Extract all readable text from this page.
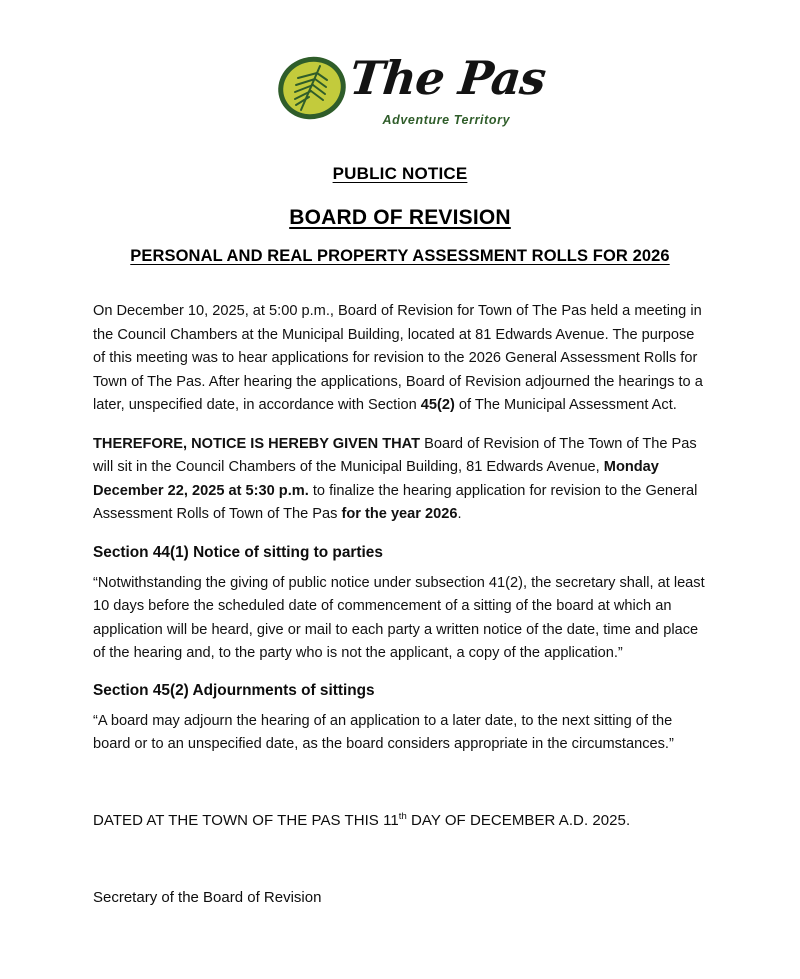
The Pas
Adventure Territory
PUBLIC NOTICE
BOARD OF REVISION
PERSONAL AND REAL PROPERTY ASSESSMENT ROLLS FOR 2026

On December 10, 2025, at 5:00 p.m., Board of Revision for Town of The Pas held a meeting in the Council Chambers at the Municipal Building, located at 81 Edwards Avenue. The purpose of this meeting was to hear applications for revision to the 2026 General Assessment Rolls for Town of The Pas. After hearing the applications, Board of Revision adjourned the hearings to a later, unspecified date, in accordance with Section 45(2) of The Municipal Assessment Act.

THEREFORE, NOTICE IS HEREBY GIVEN THAT Board of Revision of The Town of The Pas will sit in the Council Chambers of the Municipal Building, 81 Edwards Avenue, Monday December 22, 2025 at 5:30 p.m. to finalize the hearing application for revision to the General Assessment Rolls of Town of The Pas for the year 2026.

Section 44(1) Notice of sitting to parties

“Notwithstanding the giving of public notice under subsection 41(2), the secretary shall, at least 10 days before the scheduled date of commencement of a sitting of the board at which an application will be heard, give or mail to each party a written notice of the date, time and place of the hearing and, to the party who is not the applicant, a copy of the application.”

Section 45(2) Adjournments of sittings

“A board may adjourn the hearing of an application to a later date, to the next sitting of the board or to an unspecified date, as the board considers appropriate in the circumstances.”

DATED AT THE TOWN OF THE PAS THIS 11th DAY OF DECEMBER A.D. 2025.
Secretary of the Board of Revision
